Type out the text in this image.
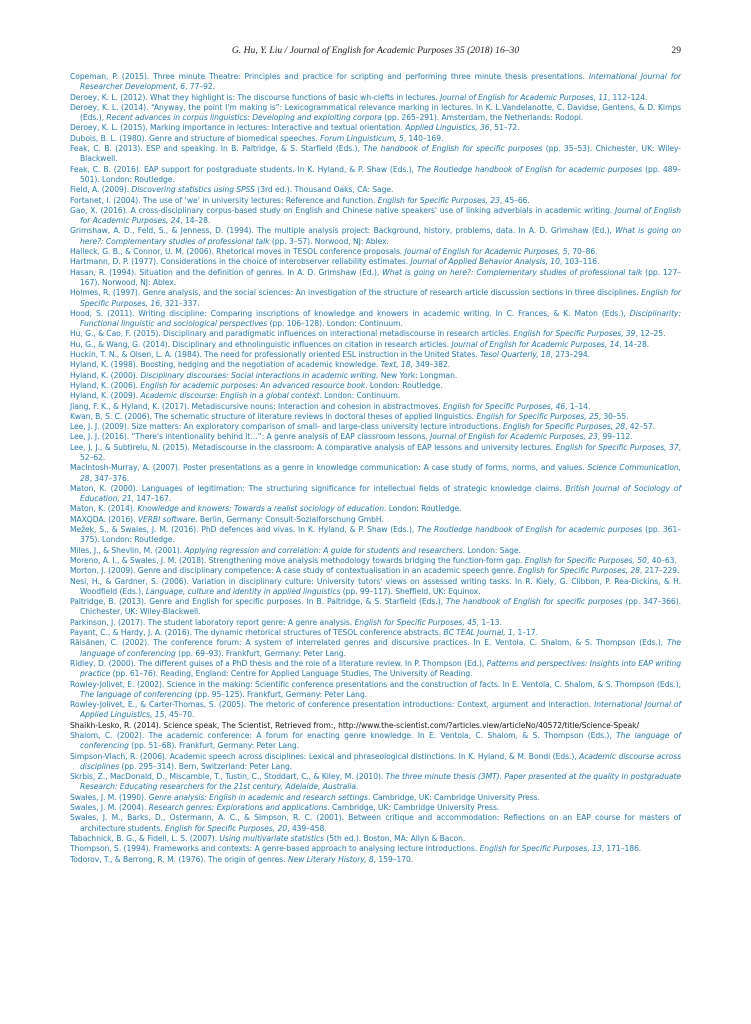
G. Hu, Y. Liu / Journal of English for Academic Purposes 35 (2018) 16–30	29
Copeman, P. (2015). Three minute Theatre: Principles and practice for scripting and performing three minute thesis presentations. International Journal for Researcher Development, 6, 77–92.
Deroey, K. L. (2012). What they highlight is: The discourse functions of basic wh-clefts in lectures. Journal of English for Academic Purposes, 11, 112–124.
Deroey, K. L. (2014). “Anyway, the point I'm making is”: Lexicogrammatical relevance marking in lectures. In K. L.Vandelanotte, C. Davidse, Gentens, & D. Kimps (Eds.), Recent advances in corpus linguistics: Developing and exploiting corpora (pp. 265–291). Amsterdam, the Netherlands: Rodopi.
Deroey, K. L. (2015). Marking importance in lectures: Interactive and textual orientation. Applied Linguistics, 36, 51–72.
Dubois, B. L. (1980). Genre and structure of biomedical speeches. Forum Linguisticum, 5, 140–169.
Feak, C. B. (2013). ESP and speaking. In B. Paltridge, & S. Starfield (Eds.), The handbook of English for specific purposes (pp. 35–53). Chichester, UK: Wiley-Blackwell.
Feak, C. B. (2016). EAP support for postgraduate students. In K. Hyland, & P. Shaw (Eds.), The Routledge handbook of English for academic purposes (pp. 489–501). London: Routledge.
Field, A. (2009). Discovering statistics using SPSS (3rd ed.). Thousand Oaks, CA: Sage.
Fortanet, I. (2004). The use of ‘we’ in university lectures: Reference and function. English for Specific Purposes, 23, 45–66.
Gao, X. (2016). A cross-disciplinary corpus-based study on English and Chinese native speakers' use of linking adverbials in academic writing. Journal of English for Academic Purposes, 24, 14–28.
Grimshaw, A. D., Feld, S., & Jenness, D. (1994). The multiple analysis project: Background, history, problems, data. In A. D. Grimshaw (Ed.), What is going on here?: Complementary studies of professional talk (pp. 3–57). Norwood, NJ: Ablex.
Halleck, G. B., & Connor, U. M. (2006). Rhetorical moves in TESOL conference proposals. Journal of English for Academic Purposes, 5, 70–86.
Hartmann, D. P. (1977). Considerations in the choice of interobserver reliability estimates. Journal of Applied Behavior Analysis, 10, 103–116.
Hasan, R. (1994). Situation and the definition of genres. In A. D. Grimshaw (Ed.), What is going on here?: Complementary studies of professional talk (pp. 127–167). Norwood, NJ: Ablex.
Holmes, R. (1997). Genre analysis, and the social sciences: An investigation of the structure of research article discussion sections in three disciplines. English for Specific Purposes, 16, 321–337.
Hood, S. (2011). Writing discipline: Comparing inscriptions of knowledge and knowers in academic writing. In C. Frances, & K. Maton (Eds.), Disciplinarity: Functional linguistic and sociological perspectives (pp. 106–128). London: Continuum.
Hu, G., & Cao, F. (2015). Disciplinary and paradigmatic influences on interactional metadiscourse in research articles. English for Specific Purposes, 39, 12–25.
Hu, G., & Wang, G. (2014). Disciplinary and ethnolinguistic influences on citation in research articles. Journal of English for Academic Purposes, 14, 14–28.
Huckin, T. N., & Olsen, L. A. (1984). The need for professionally oriented ESL instruction in the United States. Tesol Quarterly, 18, 273–294.
Hyland, K. (1998). Boosting, hedging and the negotiation of academic knowledge. Text, 18, 349–382.
Hyland, K. (2000). Disciplinary discourses: Social interactions in academic writing. New York: Longman.
Hyland, K. (2006). English for academic purposes: An advanced resource book. London: Routledge.
Hyland, K. (2009). Academic discourse: English in a global context. London: Continuum.
Jiang, F. K., & Hyland, K. (2017). Metadiscursive nouns: Interaction and cohesion in abstractmoves. English for Specific Purposes, 46, 1–14.
Kwan, B. S. C. (2006). The schematic structure of literature reviews in doctoral theses of applied linguistics. English for Specific Purposes, 25, 30–55.
Lee, J. J. (2009). Size matters: An exploratory comparison of small- and large-class university lecture introductions. English for Specific Purposes, 28, 42–57.
Lee, J. J. (2016). “There's intentionality behind it…”: A genre analysis of EAP classroom lessons. Journal of English for Academic Purposes, 23, 99–112.
Lee, J. J., & Subtirelu, N. (2015). Metadiscourse in the classroom: A comparative analysis of EAP lessons and university lectures. English for Specific Purposes, 37, 52–62.
MacIntosh-Murray, A. (2007). Poster presentations as a genre in knowledge communication: A case study of forms, norms, and values. Science Communication, 28, 347–376.
Maton, K. (2000). Languages of legitimation: The structuring significance for intellectual fields of strategic knowledge claims. British Journal of Sociology of Education, 21, 147–167.
Maton, K. (2014). Knowledge and knowers: Towards a realist sociology of education. London: Routledge.
MAXQDA. (2016). VERBI software. Berlin, Germany: Consult-Sozialforschung GmbH.
Mežek, S., & Swales, J. M. (2016). PhD defences and vivas. In K. Hyland, & P. Shaw (Eds.), The Routledge handbook of English for academic purposes (pp. 361–375). London: Routledge.
Miles, J., & Shevlin, M. (2001). Applying regression and correlation: A guide for students and researchers. London: Sage.
Moreno, A. I., & Swales, J. M. (2018). Strengthening move analysis methodology towards bridging the function-form gap. English for Specific Purposes, 50, 40–63.
Morton, J. (2009). Genre and disciplinary competence: A case study of contextualisation in an academic speech genre. English for Specific Purposes, 28, 217–229.
Nesi, H., & Gardner, S. (2006). Variation in disciplinary culture: University tutors' views on assessed writing tasks. In R. Kiely, G. Clibbon, P. Rea-Dickins, & H. Woodfield (Eds.), Language, culture and identity in applied linguistics (pp. 99–117). Sheffield, UK: Equinox.
Paltridge, B. (2013). Genre and English for specific purposes. In B. Paltridge, & S. Starfield (Eds.), The handbook of English for specific purposes (pp. 347–366). Chichester, UK: Wiley-Blackwell.
Parkinson, J. (2017). The student laboratory report genre: A genre analysis. English for Specific Purposes, 45, 1–13.
Payant, C., & Hardy, J. A. (2016). The dynamic rhetorical structures of TESOL conference abstracts. BC TEAL Journal, 1, 1–17.
Räisänen, C. (2002). The conference forum: A system of interrelated genres and discursive practices. In E. Ventola, C. Shalom, & S. Thompson (Eds.), The language of conferencing (pp. 69–93). Frankfurt, Germany: Peter Lang.
Ridley, D. (2000). The different guises of a PhD thesis and the role of a literature review. In P. Thompson (Ed.), Patterns and perspectives: Insights into EAP writing practice (pp. 61–76). Reading, England: Centre for Applied Language Studies, The University of Reading.
Rowley-Jolivet, E. (2002). Science in the making: Scientific conference presentations and the construction of facts. In E. Ventola, C. Shalom, & S. Thompson (Eds.), The language of conferencing (pp. 95–125). Frankfurt, Germany: Peter Lang.
Rowley-Jolivet, E., & Carter-Thomas, S. (2005). The rhetoric of conference presentation introductions: Context, argument and interaction. International Journal of Applied Linguistics, 15, 45–70.
Shaikh-Lesko, R. (2014). Science speak, The Scientist, Retrieved from:, http://www.the-scientist.com/?articles.view/articleNo/40572/title/Science-Speak/
Shalom, C. (2002). The academic conference: A forum for enacting genre knowledge. In E. Ventola, C. Shalom, & S. Thompson (Eds.), The language of conferencing (pp. 51–68). Frankfurt, Germany: Peter Lang.
Simpson-Vlach, R. (2006). Academic speech across disciplines: Lexical and phraseological distinctions. In K. Hyland, & M. Bondi (Eds.), Academic discourse across disciplines (pp. 295–314). Bern, Switzerland: Peter Lang.
Skrbis, Z., MacDonald, D., Miscamble, T., Tustin, C., Stoddart, C., & Kiley, M. (2010). The three minute thesis (3MT). Paper presented at the quality in postgraduate Research: Educating researchers for the 21st century, Adelaide, Australia.
Swales, J. M. (1990). Genre analysis: English in academic and research settings. Cambridge, UK: Cambridge University Press.
Swales, J. M. (2004). Research genres: Explorations and applications. Cambridge, UK: Cambridge University Press.
Swales, J. M., Barks, D., Ostermann, A. C., & Simpson, R. C. (2001). Between critique and accommodation: Reflections on an EAP course for masters of architecture students. English for Specific Purposes, 20, 439–458.
Tabachnick, B. G., & Fidell, L. S. (2007). Using multivariate statistics (5th ed.). Boston, MA: Allyn & Bacon.
Thompson, S. (1994). Frameworks and contexts: A genre-based approach to analysing lecture introductions. English for Specific Purposes, 13, 171–186.
Todorov, T., & Berrong, R. M. (1976). The origin of genres. New Literary History, 8, 159–170.
